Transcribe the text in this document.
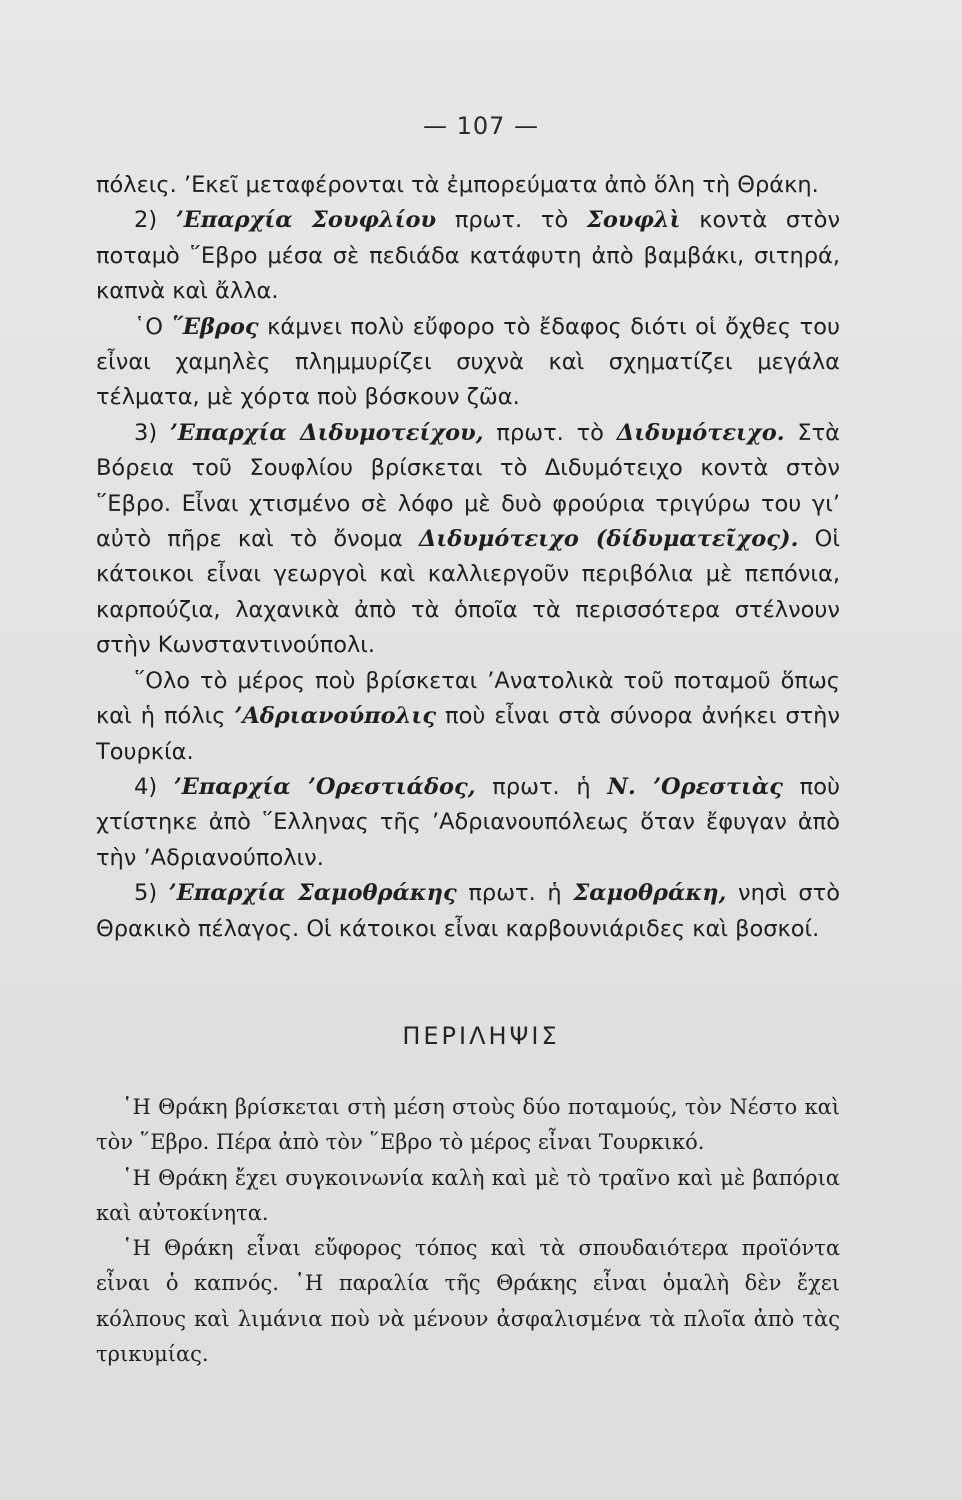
— 107 —

πόλεις. ’Εκεῖ μεταφέρονται τὰ ἐμπορεύματα ἀπὸ ὅλη τὴ Θράκη.

2) ’Επαρχία Σουφλίου πρωτ. τὸ Σουφλὶ κοντὰ στὸν ποταμὸ ῞Εβρο μέσα σὲ πεδιάδα κατάφυτη ἀπὸ βαμβάκι, σιτηρά, καπνὰ καὶ ἄλλα.

῾Ο ῞Εβρος κάμνει πολὺ εὔφορο τὸ ἔδαφος διότι οἱ ὄχθες του εἶναι χαμηλὲς πλημμυρίζει συχνὰ καὶ σχηματίζει μεγάλα τέλματα, μὲ χόρτα ποὺ βόσκουν ζῶα.

3) ’Επαρχία Διδυμοτείχου, πρωτ. τὸ Διδυμότειχο. Στὰ Βόρεια τοῦ Σουφλίου βρίσκεται τὸ Διδυμότειχο κοντὰ στὸν ῞Εβρο. Εἶναι χτισμένο σὲ λόφο μὲ δυὸ φρούρια τριγύρω του γι’ αὐτὸ πῆρε καὶ τὸ ὄνομα Διδυμότειχο (δίδυματεῖχος). Οἱ κάτοικοι εἶναι γεωργοὶ καὶ καλλιεργοῦν περιβόλια μὲ πεπόνια, καρπούζια, λαχανικὰ ἀπὸ τὰ ὁποῖα τὰ περισσότερα στέλνουν στὴν Κωνσταντινούπολι.

῞Ολο τὸ μέρος ποὺ βρίσκεται ’Ανατολικὰ τοῦ ποταμοῦ ὅπως καὶ ἡ πόλις ’Αδριανούπολις ποὺ εἶναι στὰ σύνορα ἀνήκει στὴν Τουρκία.

4) ’Επαρχία ’Ορεστιάδος, πρωτ. ἡ Ν. ’Ορεστιὰς ποὺ χτίστηκε ἀπὸ ῞Ελληνας τῆς ’Αδριανουπόλεως ὅταν ἔφυγαν ἀπὸ τὴν ’Αδριανούπολιν.

5) ’Επαρχία Σαμοθράκης πρωτ. ἡ Σαμοθράκη, νησὶ στὸ Θρακικὸ πέλαγος. Οἱ κάτοικοι εἶναι καρβουνιάριδες καὶ βοσκοί.

ΠΕΡΙΛΗΨΙΣ

῾Η Θράκη βρίσκεται στὴ μέση στοὺς δύο ποταμούς, τὸν Νέστο καὶ τὸν ῞Εβρο. Πέρα ἀπὸ τὸν ῞Εβρο τὸ μέρος εἶναι Τουρκικό.

῾Η Θράκη ἔχει συγκοινωνία καλὴ καὶ μὲ τὸ τραῖνο καὶ μὲ βαπόρια καὶ αὐτοκίνητα.

῾Η Θράκη εἶναι εὔφορος τόπος καὶ τὰ σπουδαιότερα προϊόντα εἶναι ὁ καπνός. ῾Η παραλία τῆς Θράκης εἶναι ὁμαλὴ δὲν ἔχει κόλπους καὶ λιμάνια ποὺ νὰ μένουν ἀσφαλισμένα τὰ πλοῖα ἀπὸ τὰς τρικυμίας.
